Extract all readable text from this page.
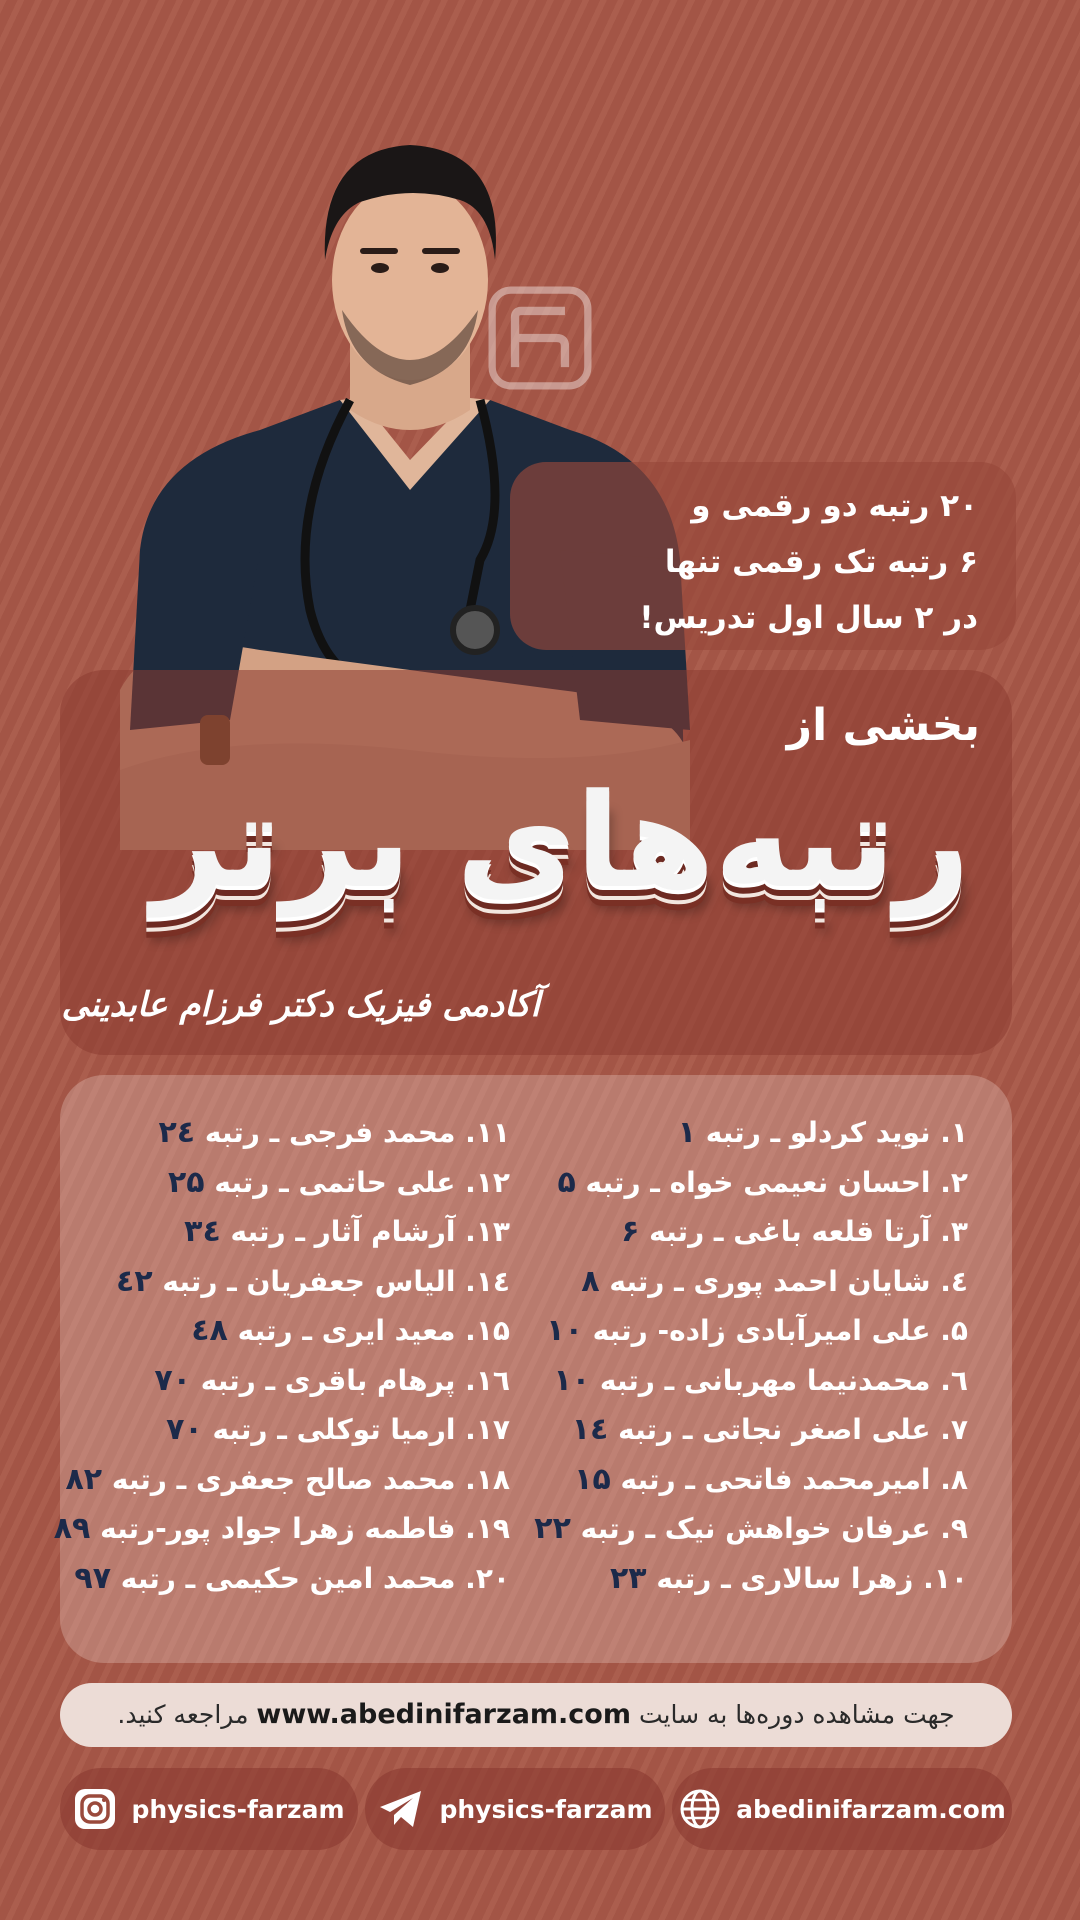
۲۰ رتبه دو رقمی و
۶ رتبه تک رقمی تنها
در ۲ سال اول تدریس!
بخشی از
رتبه‌های برتر
آکادمی فیزیک دکتر فرزام عابدینی
۱. نوید کردلو ـ رتبه ۱
۲. احسان نعیمی خواه ـ رتبه ۵
۳. آرتا قلعه باغی ـ رتبه ۶
٤. شایان احمد پوری ـ رتبه ۸
۵. علی امیرآبادی زاده- رتبه ۱۰
٦. محمدنیما مهربانی ـ رتبه ۱۰
۷. علی اصغر نجاتی ـ رتبه ۱٤
۸. امیرمحمد فاتحی ـ رتبه ۱۵
۹. عرفان خواهش نیک ـ رتبه ۲۲
۱۰. زهرا سالاری ـ رتبه ۲۳
۱۱. محمد فرجی ـ رتبه ۲٤
۱۲. علی حاتمی ـ رتبه ۲۵
۱۳. آرشام آثار ـ رتبه ۳٤
۱٤. الیاس جعفریان ـ رتبه ٤۲
۱۵. معید ایری ـ رتبه ٤۸
۱٦. پرهام باقری ـ رتبه ۷۰
۱۷. ارمیا توکلی ـ رتبه ۷۰
۱۸. محمد صالح جعفری ـ رتبه ۸۲
۱۹. فاطمه زهرا جواد پور-رتبه ۸۹
۲۰. محمد امین حکیمی ـ رتبه ۹۷
جهت مشاهده دوره‌ها به سایت www.abedinifarzam.com مراجعه کنید.
abedinifarzam.com
physics-farzam
physics-farzam
